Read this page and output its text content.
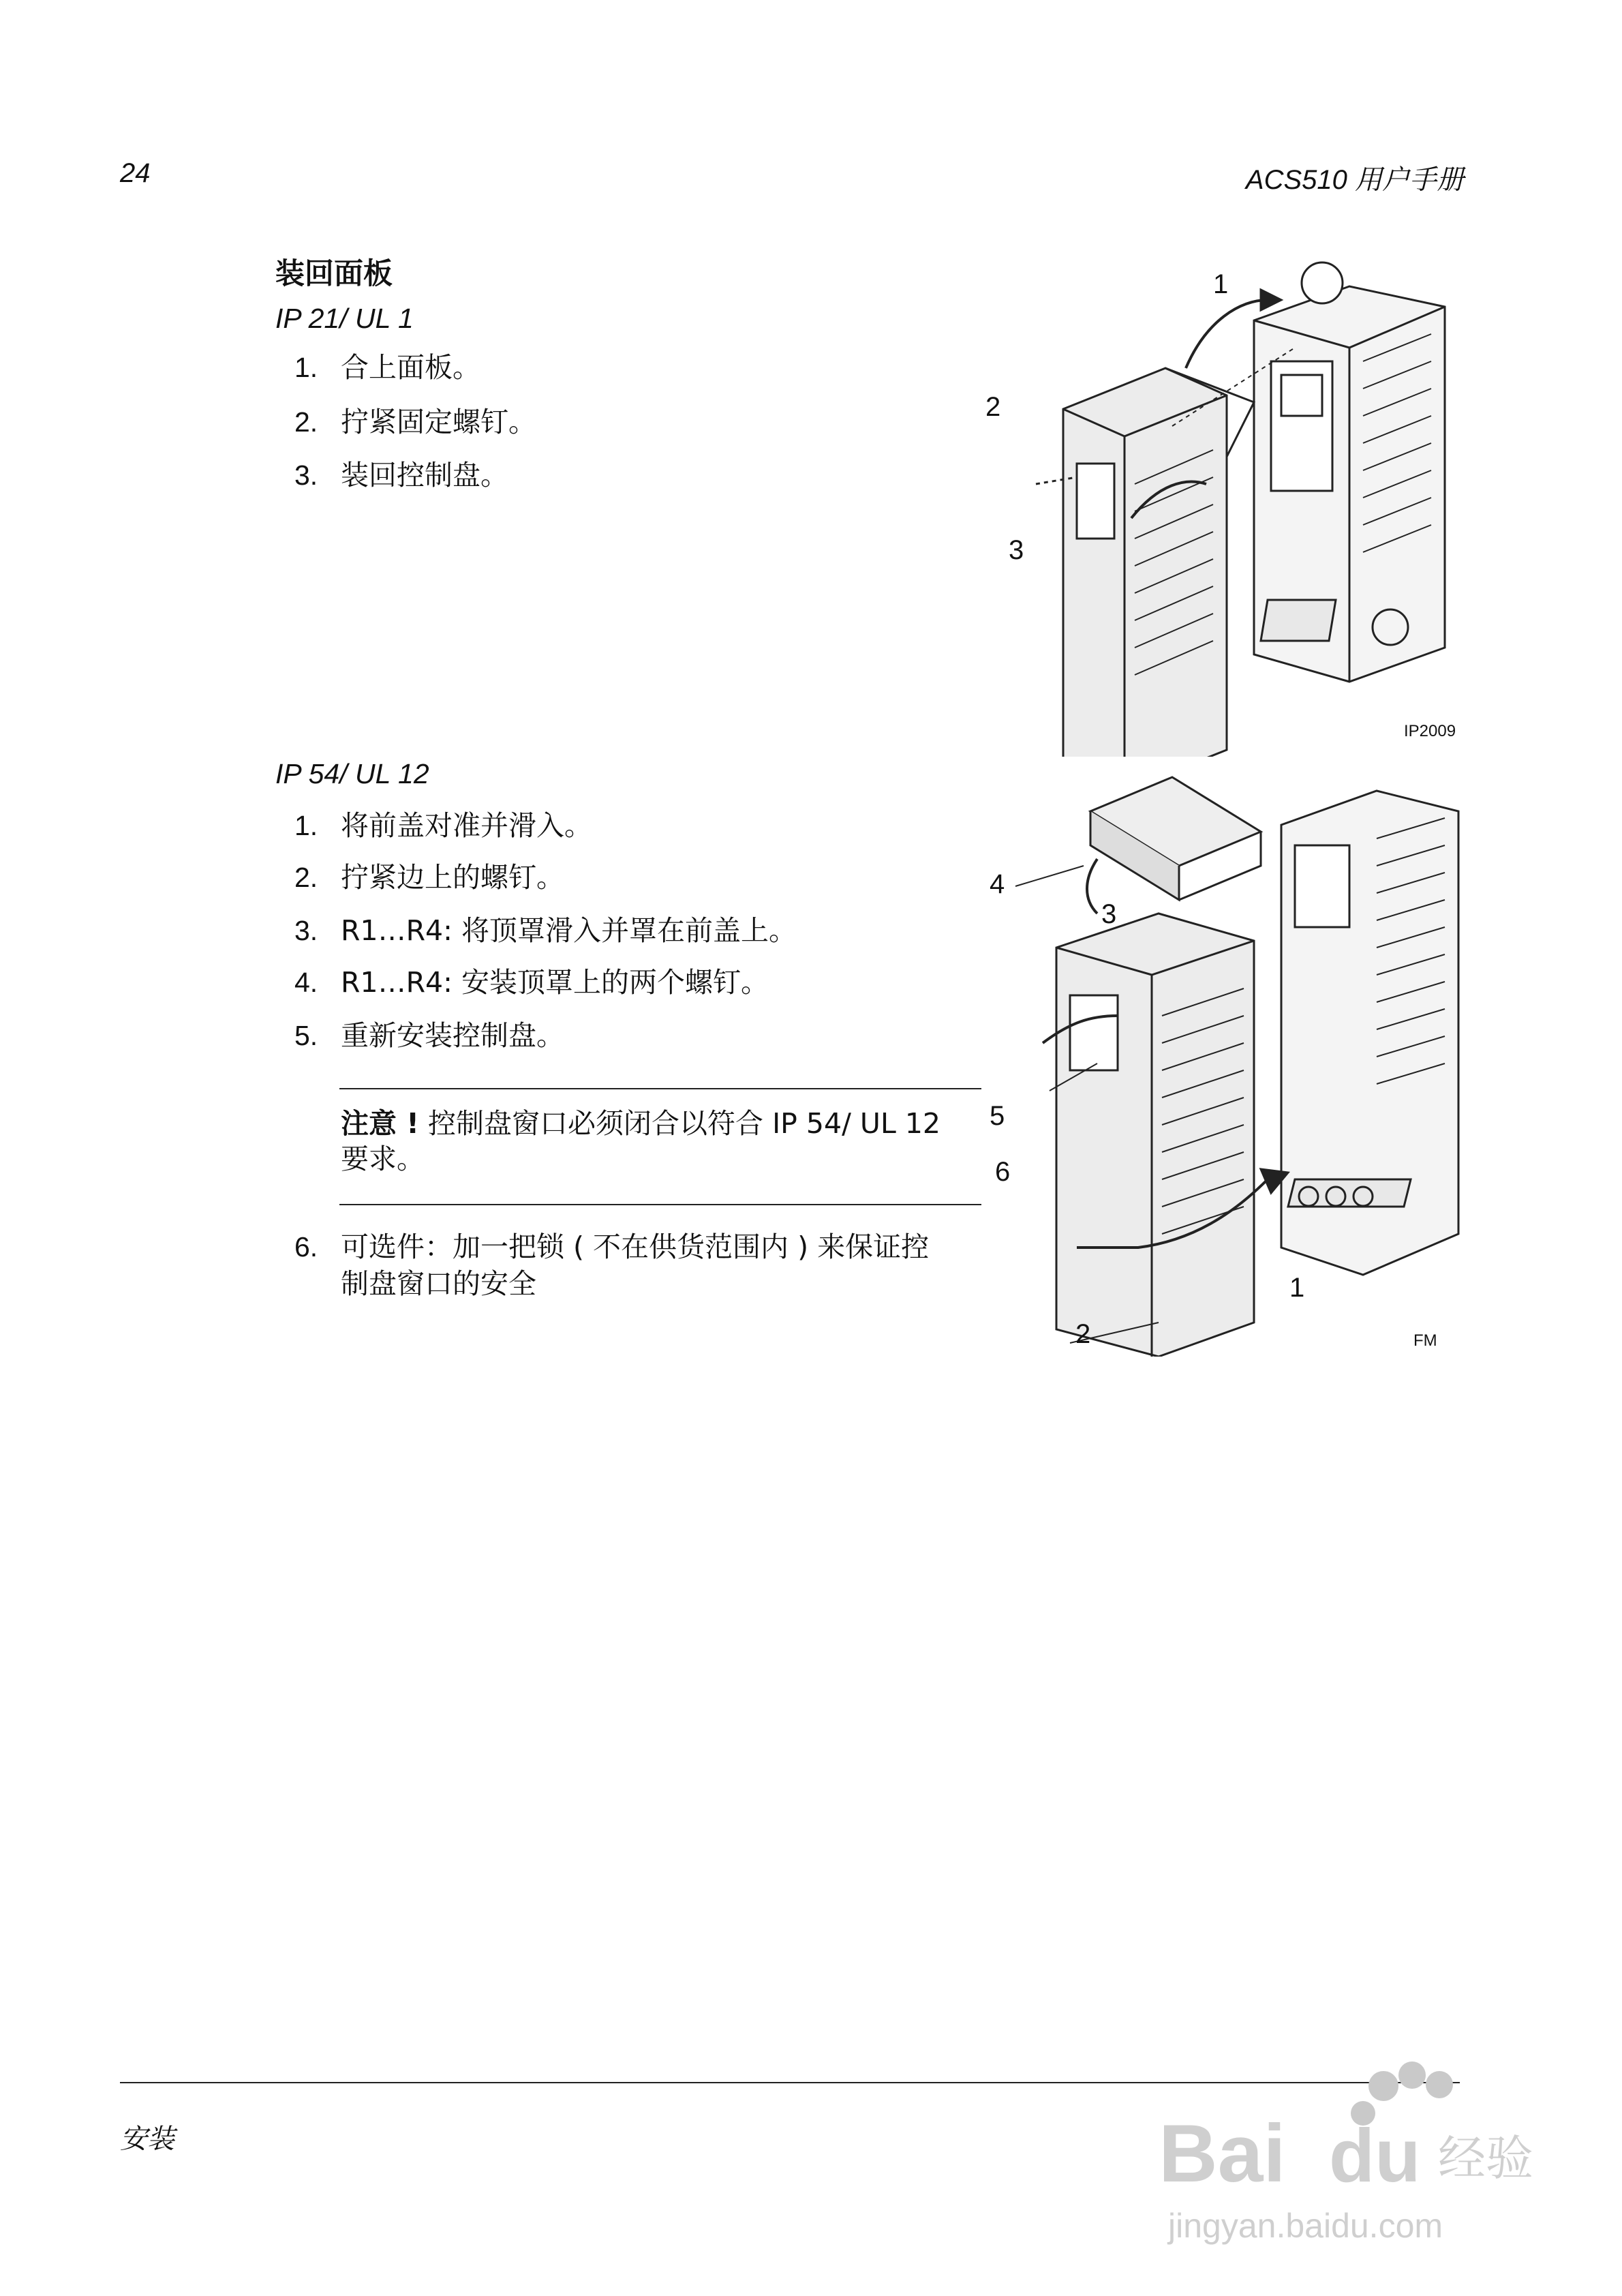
24	ACS510 用户手册
装回面板
IP 21/ UL 1
1. 合上面板。
2. 拧紧固定螺钉。
3. 装回控制盘。
IP 54/ UL 12
1. 将前盖对准并滑入。
2. 拧紧边上的螺钉。
3. R1…R4: 将顶罩滑入并罩在前盖上。
4. R1…R4: 安装顶罩上的两个螺钉。
5. 重新安装控制盘。
注意 ! 控制盘窗口必须闭合以符合 IP 54/ UL 12
要求。
6. 可选件：加一把锁 ( 不在供货范围内 ) 来保证控
制盘窗口的安全
1
2
3
IP2009
4
3
5
6
1
2	FM
安装	Bai du 经验
jingyan.baidu.com
